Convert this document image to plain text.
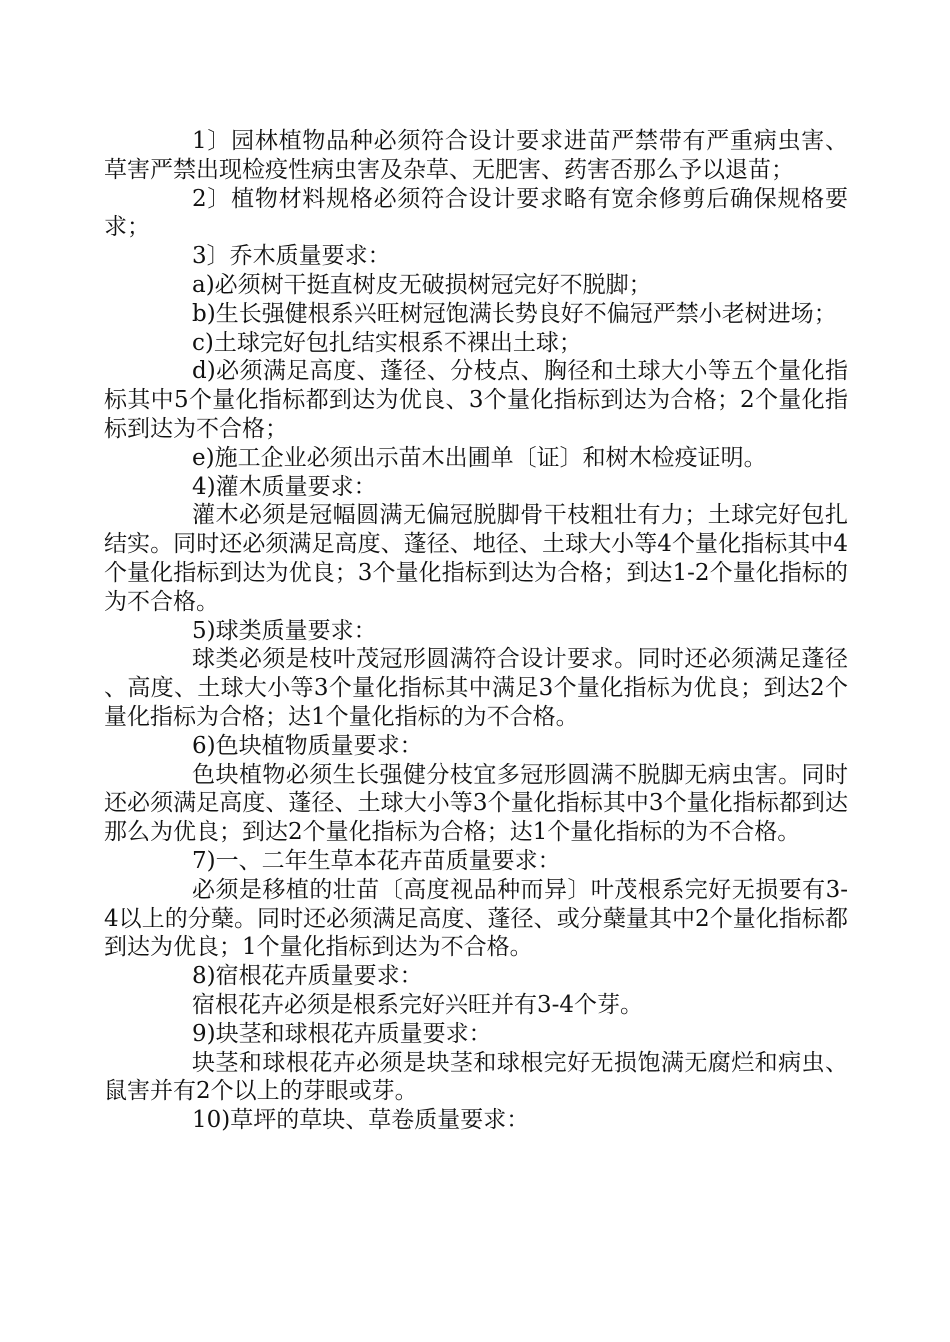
1〕园林植物品种必须符合设计要求进苗严禁带有严重病虫害、草害严禁出现检疫性病虫害及杂草、无肥害、药害否那么予以退苗；

2〕植物材料规格必须符合设计要求略有宽余修剪后确保规格要求；

3〕乔木质量要求：

a)必须树干挺直树皮无破损树冠完好不脱脚；

b)生长强健根系兴旺树冠饱满长势良好不偏冠严禁小老树进场；

c)土球完好包扎结实根系不裸出土球；

d)必须满足高度、蓬径、分枝点、胸径和土球大小等五个量化指标其中5个量化指标都到达为优良、3个量化指标到达为合格；2个量化指标到达为不合格；

e)施工企业必须出示苗木出圃单〔证〕和树木检疫证明。

4)灌木质量要求：

灌木必须是冠幅圆满无偏冠脱脚骨干枝粗壮有力；土球完好包扎结实。同时还必须满足高度、蓬径、地径、土球大小等4个量化指标其中4个量化指标到达为优良；3个量化指标到达为合格；到达1-2个量化指标的为不合格。

5)球类质量要求：

球类必须是枝叶茂冠形圆满符合设计要求。同时还必须满足蓬径、高度、土球大小等3个量化指标其中满足3个量化指标为优良；到达2个量化指标为合格；达1个量化指标的为不合格。

6)色块植物质量要求：

色块植物必须生长强健分枝宜多冠形圆满不脱脚无病虫害。同时还必须满足高度、蓬径、土球大小等3个量化指标其中3个量化指标都到达那么为优良；到达2个量化指标为合格；达1个量化指标的为不合格。

7)一、二年生草本花卉苗质量要求：

必须是移植的壮苗〔高度视品种而异〕叶茂根系完好无损要有3-4以上的分蘖。同时还必须满足高度、蓬径、或分蘖量其中2个量化指标都到达为优良；1个量化指标到达为不合格。

8)宿根花卉质量要求：

宿根花卉必须是根系完好兴旺并有3-4个芽。

9)块茎和球根花卉质量要求：

块茎和球根花卉必须是块茎和球根完好无损饱满无腐烂和病虫、鼠害并有2个以上的芽眼或芽。

10)草坪的草块、草卷质量要求：
